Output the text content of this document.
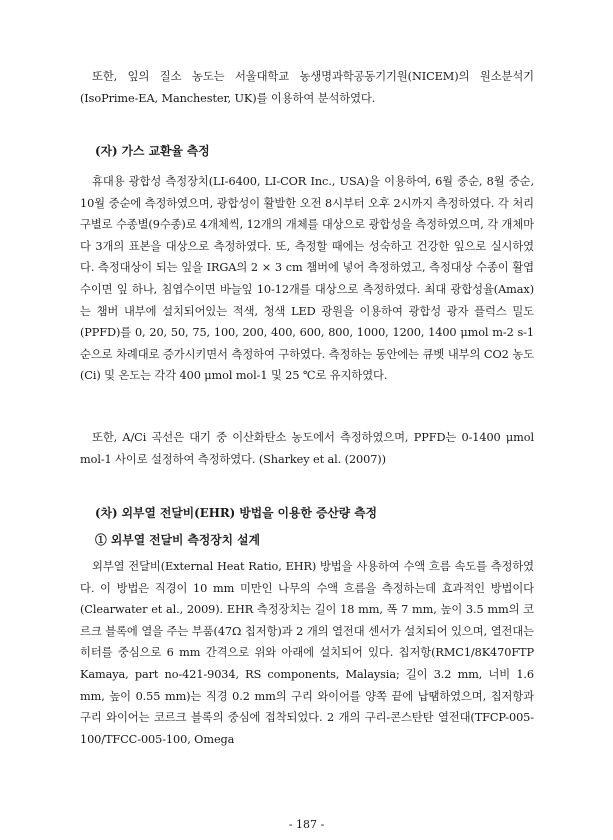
또한, 잎의 질소 농도는 서울대학교 농생명과학공동기기원(NICEM)의 원소분석기(IsoPrime-EA, Manchester, UK)를 이용하여 분석하였다.
(자) 가스 교환율 측정
휴대용 광합성 측정장치(LI-6400, LI-COR Inc., USA)을 이용하여, 6월 중순, 8월 중순, 10월 중순에 측정하였으며, 광합성이 활발한 오전 8시부터 오후 2시까지 측정하였다. 각 처리구별로 수종별(9수종)로 4개체씩, 12개의 개체를 대상으로 광합성을 측정하였으며, 각 개체마다 3개의 표본을 대상으로 측정하였다. 또, 측정할 때에는 성숙하고 건강한 잎으로 실시하였다. 측정대상이 되는 잎을 IRGA의 2 × 3 cm 챔버에 넣어 측정하였고, 측정대상 수종이 활엽수이면 잎 하나, 침엽수이면 바늘잎 10-12개를 대상으로 측정하였다. 최대 광합성율(Amax)는 챔버 내부에 설치되어있는 적색, 청색 LED 광원을 이용하여 광합성 광자 플럭스 밀도(PPFD)를 0, 20, 50, 75, 100, 200, 400, 600, 800, 1000, 1200, 1400 μmol m-2 s-1 순으로 차례대로 증가시키면서 측정하여 구하였다. 측정하는 동안에는 큐벳 내부의 CO2 농도 (Ci) 및 온도는 각각 400 μmol mol-1 및 25 ℃로 유지하였다.
또한, A/Ci 곡선은 대기 중 이산화탄소 농도에서 측정하였으며, PPFD는 0-1400 μmol mol-1 사이로 설정하여 측정하였다. (Sharkey et al. (2007))
(차) 외부열 전달비(EHR) 방법을 이용한 증산량 측정
① 외부열 전달비 측정장치 설계
외부열 전달비(External Heat Ratio, EHR) 방법을 사용하여 수액 흐름 속도를 측정하였다. 이 방법은 직경이 10 mm 미만인 나무의 수액 흐름을 측정하는데 효과적인 방법이다(Clearwater et al., 2009). EHR 측정장치는 길이 18 mm, 폭 7 mm, 높이 3.5 mm의 코르크 블록에 열을 주는 부품(47Ω 칩저항)과 2 개의 열전대 센서가 설치되어 있으며, 열전대는 히터를 중심으로 6 mm 간격으로 위와 아래에 설치되어 있다. 칩저항(RMC1/8K470FTP Kamaya, part no-421-9034, RS components, Malaysia; 길이 3.2 mm, 너비 1.6 mm, 높이 0.55 mm)는 직경 0.2 mm의 구리 와이어를 양쪽 끝에 납땜하였으며, 칩저항과 구리 와이어는 코르크 블록의 중심에 접착되었다. 2 개의 구리-콘스탄탄 열전대(TFCP-005-100/TFCC-005-100, Omega
- 187 -
